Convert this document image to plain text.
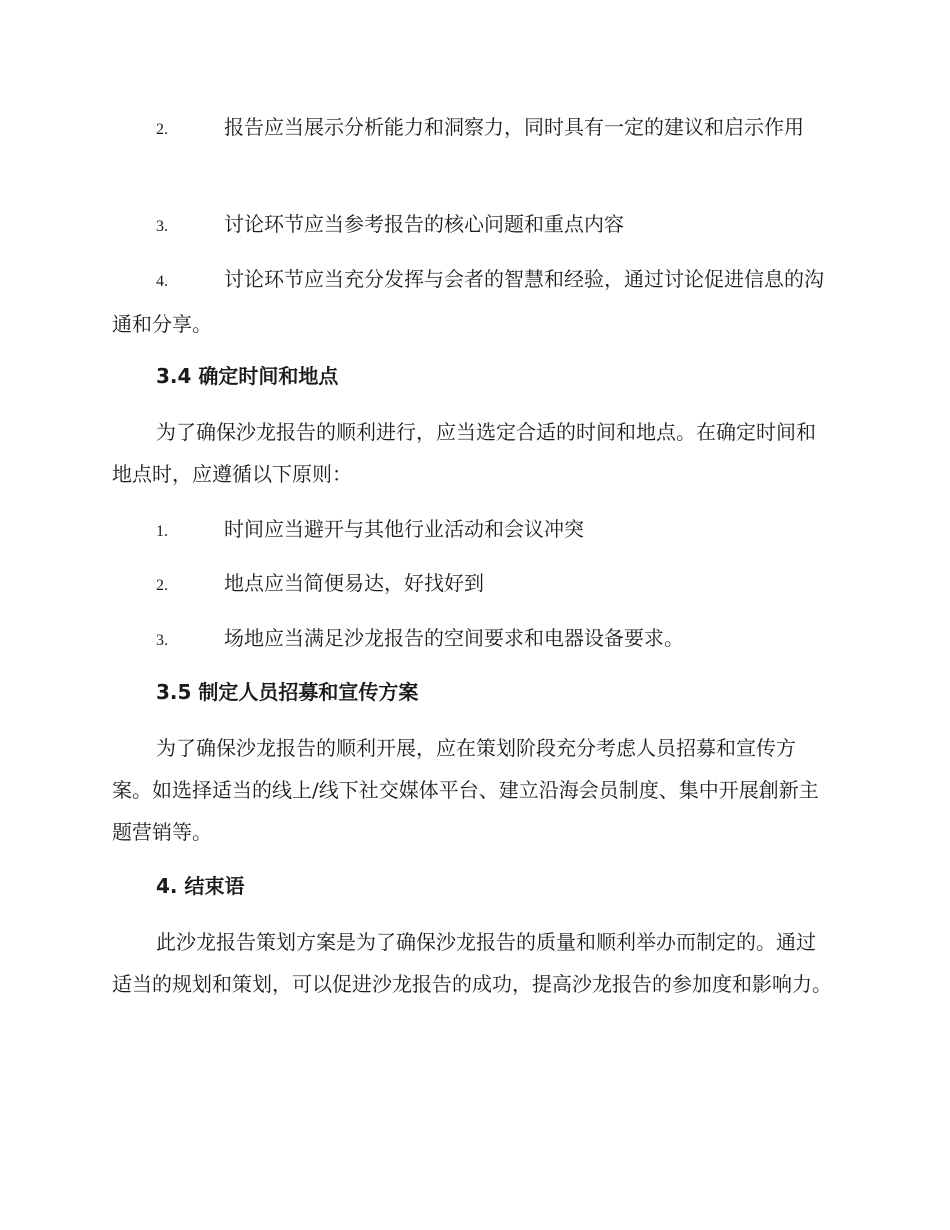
2.	报告应当展示分析能力和洞察力，同时具有一定的建议和启示作用
3.	讨论环节应当参考报告的核心问题和重点内容
4.	讨论环节应当充分发挥与会者的智慧和经验，通过讨论促进信息的沟通和分享。
3.4 确定时间和地点
为了确保沙龙报告的顺利进行，应当选定合适的时间和地点。在确定时间和地点时，应遵循以下原则：
1.	时间应当避开与其他行业活动和会议冲突
2.	地点应当简便易达，好找好到
3.	场地应当满足沙龙报告的空间要求和电器设备要求。
3.5 制定人员招募和宣传方案
为了确保沙龙报告的顺利开展，应在策划阶段充分考虑人员招募和宣传方案。如选择适当的线上/线下社交媒体平台、建立沿海会员制度、集中开展創新主题营销等。
4. 结束语
此沙龙报告策划方案是为了确保沙龙报告的质量和顺利举办而制定的。通过适当的规划和策划，可以促进沙龙报告的成功，提高沙龙报告的参加度和影响力。
